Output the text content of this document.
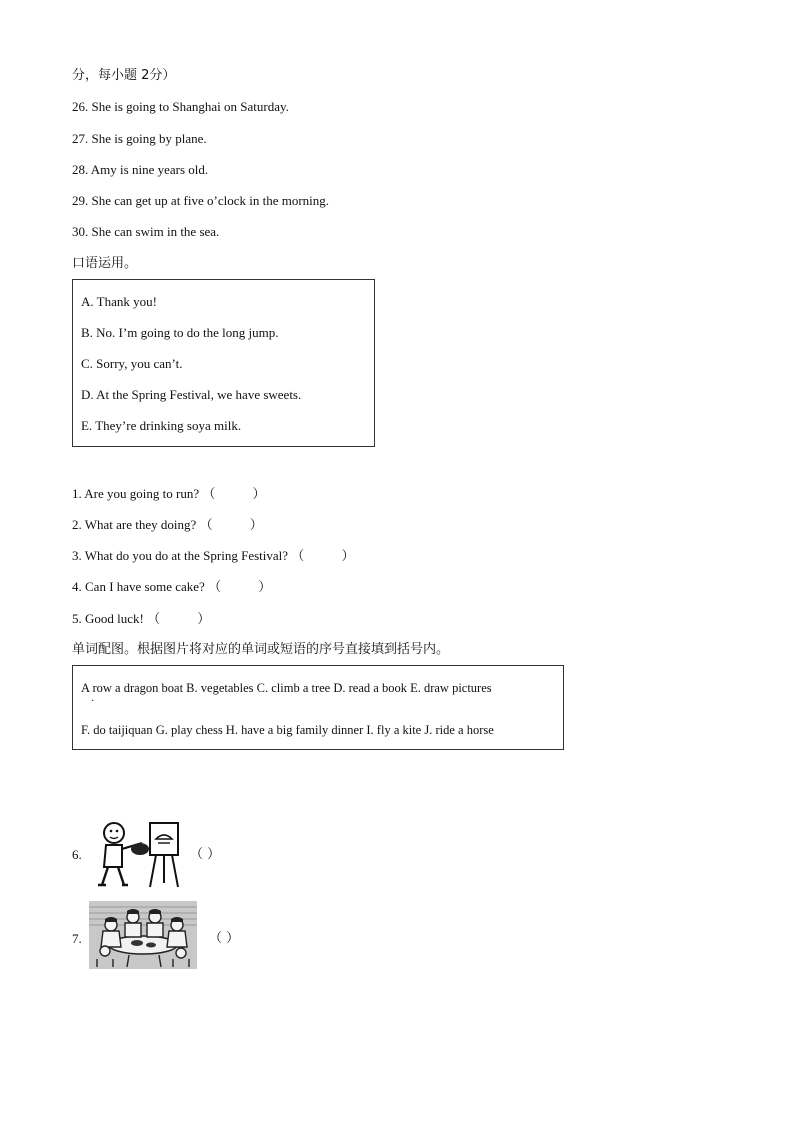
分，每小题 2分）
26. She is going to Shanghai on Saturday.
27. She is going by plane.
28. Amy is nine years old.
29. She can get up at five o’clock in the morning.
30. She can swim in the sea.
口语运用。
A. Thank you!
B. No. I’m going to do the long jump.
C. Sorry, you can’t.
D. At the Spring Festival, we have sweets.
E. They’re drinking soya milk.
1. Are you going to run? （         ）
2. What are they doing? （         ）
3. What do you do at the Spring Festival? （         ）
4. Can I have some cake? （         ）
5. Good luck! （         ）
单词配图。根据图片将对应的单词或短语的序号直接填到括号内。
A row a dragon boat B. vegetables C. climb a tree D. read a book E. draw pictures
·
F. do taijiquan G. play chess H. have a big family dinner I. fly a kite J. ride a horse
6.	（ ）
7.	（ ）
